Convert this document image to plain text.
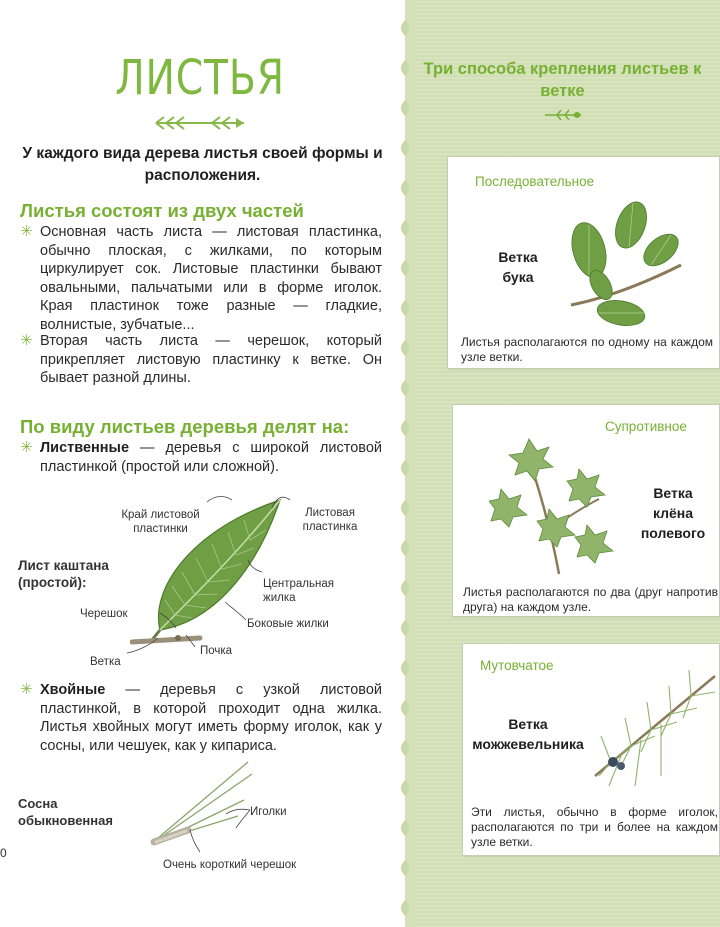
ЛИСТЬЯ
У каждого вида дерева листья своей формы и расположения.
Листья состоят из двух частей
✳ Основная часть листа — листовая пластинка, обычно плоская, с жилками, по которым циркулирует сок. Листовые пластинки бывают овальными, пальчатыми или в форме иголок. Края пластинок тоже разные — гладкие, волнистые, зубчатые...
✳ Вторая часть листа — черешок, который прикрепляет листовую пластинку к ветке. Он бывает разной длины.
По виду листьев деревья делят на:
✳ Лиственные — деревья с широкой листовой пластинкой (простой или сложной).
Край листовой пластинки
Листовая пластинка
Лист каштана (простой):	Центральная жилка
Черешок
Боковые жилки
Почка
Ветка
✳ Хвойные — деревья с узкой листовой пластинкой, в которой проходит одна жилка. Листья хвойных могут иметь форму иголок, как у сосны, или чешуек, как у кипариса.
Сосна обыкновенная
Иголки
Очень короткий черешок
0
Три способа крепления листьев к ветке
Последовательное
Ветка бука
Листья располагаются по одному на каждом узле ветки.
Супротивное
Ветка клёна полевого
Листья располагаются по два (друг напротив друга) на каждом узле.
Мутовчатое
Ветка можжевельника
Эти листья, обычно в форме иголок, располагаются по три и более на каждом узле ветки.
